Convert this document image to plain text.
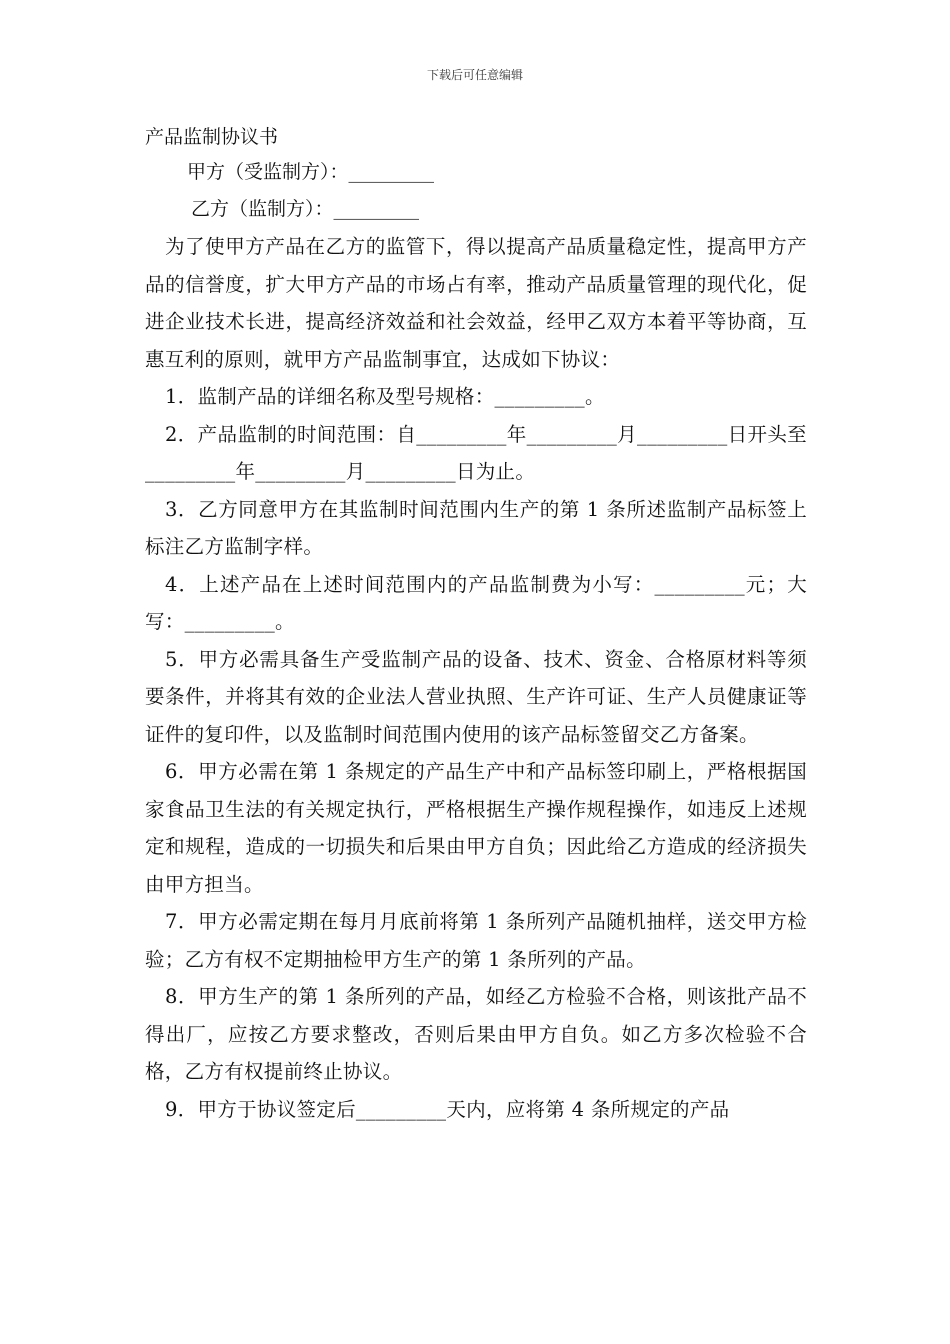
下载后可任意编辑

产品监制协议书

甲方（受监制方）：_________

乙方（监制方）：_________

为了使甲方产品在乙方的监管下，得以提高产品质量稳定性，提高甲方产品的信誉度，扩大甲方产品的市场占有率，推动产品质量管理的现代化，促进企业技术长进，提高经济效益和社会效益，经甲乙双方本着平等协商，互惠互利的原则，就甲方产品监制事宜，达成如下协议：

1．监制产品的详细名称及型号规格：_________。

2．产品监制的时间范围：自_________年_________月_________日开头至_________年_________月_________日为止。

3．乙方同意甲方在其监制时间范围内生产的第 1 条所述监制产品标签上标注乙方监制字样。

4．上述产品在上述时间范围内的产品监制费为小写：_________元；大写：_________。

5．甲方必需具备生产受监制产品的设备、技术、资金、合格原材料等须要条件，并将其有效的企业法人营业执照、生产许可证、生产人员健康证等证件的复印件，以及监制时间范围内使用的该产品标签留交乙方备案。

6．甲方必需在第 1 条规定的产品生产中和产品标签印刷上，严格根据国家食品卫生法的有关规定执行，严格根据生产操作规程操作，如违反上述规定和规程，造成的一切损失和后果由甲方自负；因此给乙方造成的经济损失由甲方担当。

7．甲方必需定期在每月月底前将第 1 条所列产品随机抽样，送交甲方检验；乙方有权不定期抽检甲方生产的第 1 条所列的产品。

8．甲方生产的第 1 条所列的产品，如经乙方检验不合格，则该批产品不得出厂，应按乙方要求整改，否则后果由甲方自负。如乙方多次检验不合格，乙方有权提前终止协议。

9．甲方于协议签定后_________天内，应将第 4 条所规定的产品
